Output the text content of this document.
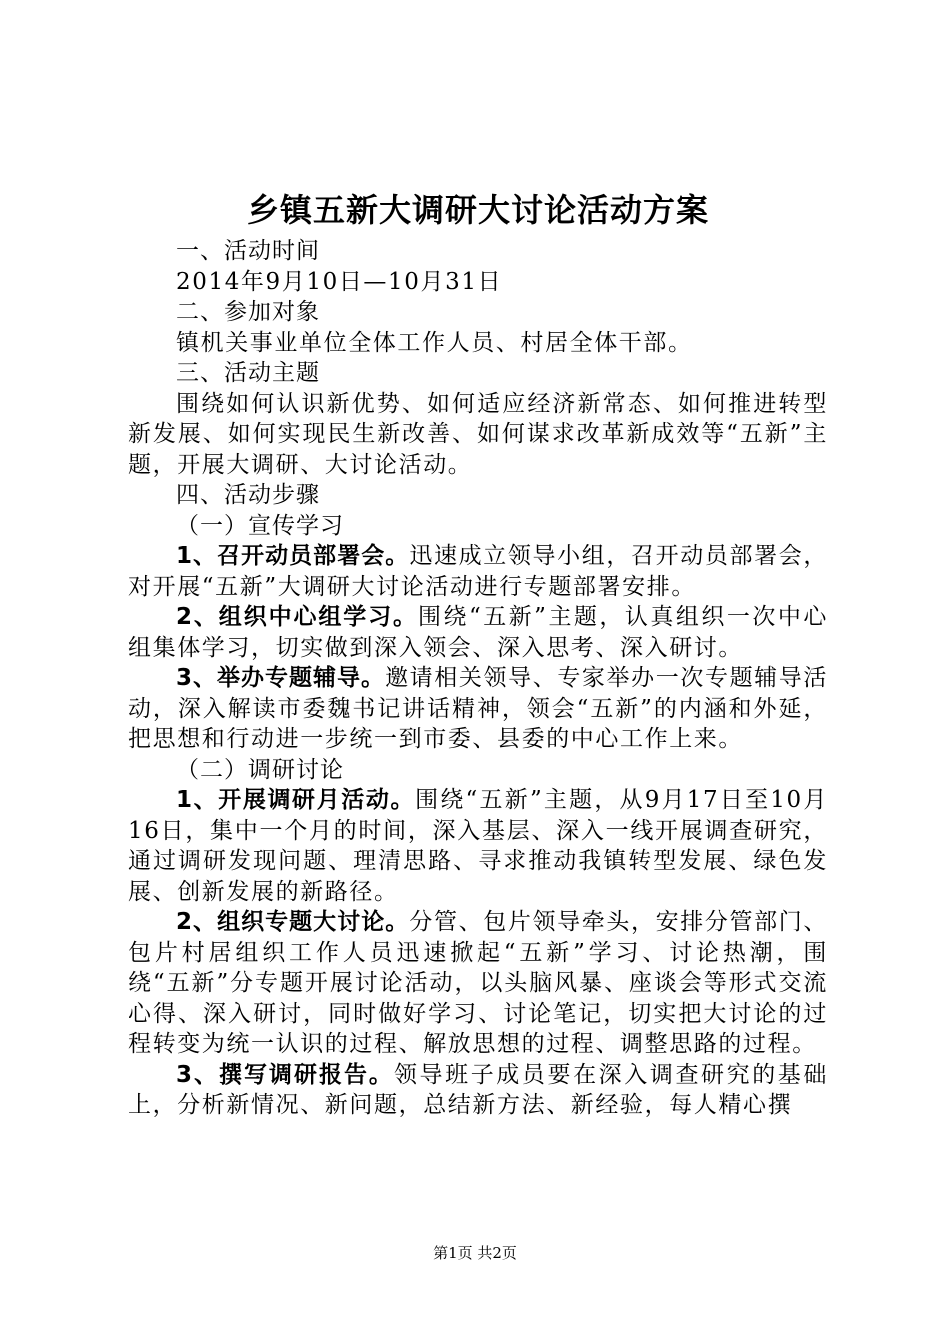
乡镇五新大调研大讨论活动方案
一、活动时间
2014年9月10日—10月31日
二、参加对象
镇机关事业单位全体工作人员、村居全体干部。
三、活动主题
围绕如何认识新优势、如何适应经济新常态、如何推进转型新发展、如何实现民生新改善、如何谋求改革新成效等“五新”主题，开展大调研、大讨论活动。
四、活动步骤
（一）宣传学习
1、召开动员部署会。迅速成立领导小组，召开动员部署会，对开展“五新”大调研大讨论活动进行专题部署安排。
2、组织中心组学习。围绕“五新”主题，认真组织一次中心组集体学习，切实做到深入领会、深入思考、深入研讨。
3、举办专题辅导。邀请相关领导、专家举办一次专题辅导活动，深入解读市委魏书记讲话精神，领会“五新”的内涵和外延，把思想和行动进一步统一到市委、县委的中心工作上来。
（二）调研讨论
1、开展调研月活动。围绕“五新”主题，从9月17日至10月16日，集中一个月的时间，深入基层、深入一线开展调查研究，通过调研发现问题、理清思路、寻求推动我镇转型发展、绿色发展、创新发展的新路径。
2、组织专题大讨论。分管、包片领导牵头，安排分管部门、包片村居组织工作人员迅速掀起“五新”学习、讨论热潮，围绕“五新”分专题开展讨论活动，以头脑风暴、座谈会等形式交流心得、深入研讨，同时做好学习、讨论笔记，切实把大讨论的过程转变为统一认识的过程、解放思想的过程、调整思路的过程。
3、撰写调研报告。领导班子成员要在深入调查研究的基础上，分析新情况、新问题，总结新方法、新经验，每人精心撰
第1页 共2页
